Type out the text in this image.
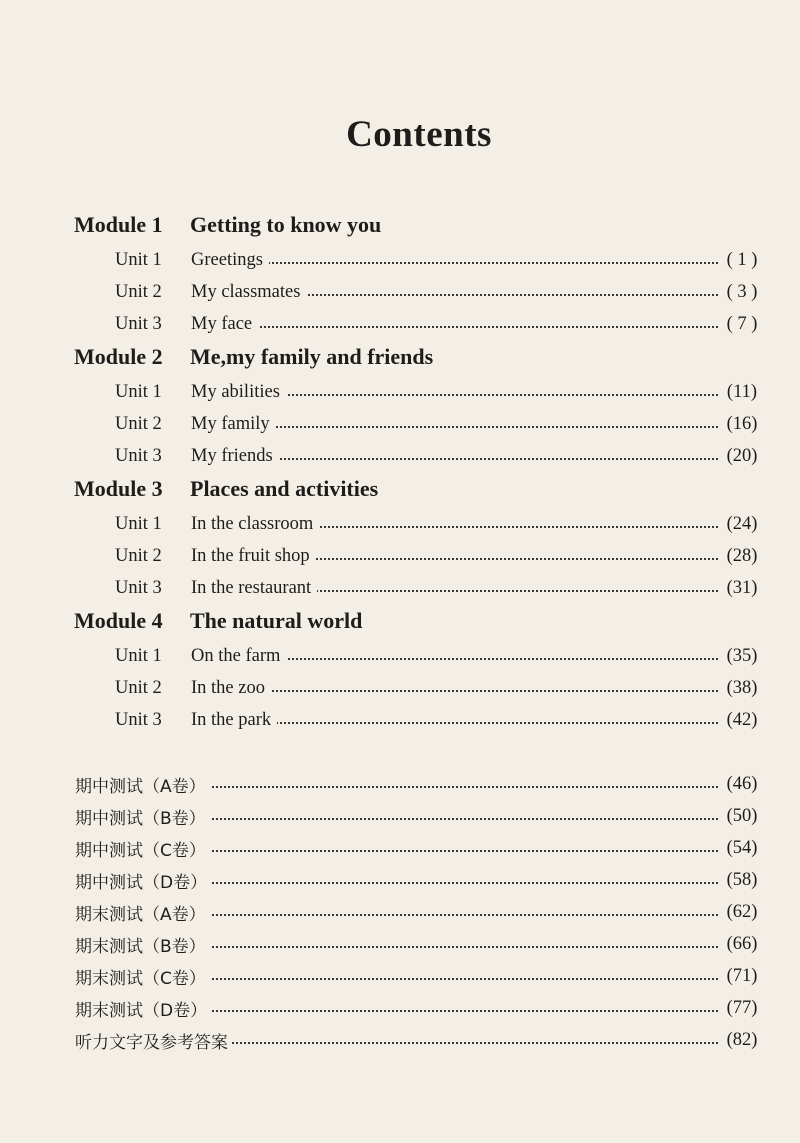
Contents
Module 1 Getting to know you
Unit 1 Greetings	( 1 )
Unit 2 My classmates	( 3 )
Unit 3 My face	( 7 )
Module 2 Me,my family and friends
Unit 1 My abilities	(11)
Unit 2 My family	(16)
Unit 3 My friends	(20)
Module 3 Places and activities
Unit 1 In the classroom	(24)
Unit 2 In the fruit shop	(28)
Unit 3 In the restaurant	(31)
Module 4 The natural world
Unit 1 On the farm	(35)
Unit 2 In the zoo	(38)
Unit 3 In the park	(42)
期中测试（A卷）	(46)
期中测试（B卷）	(50)
期中测试（C卷）	(54)
期中测试（D卷）	(58)
期末测试（A卷）	(62)
期末测试（B卷）	(66)
期末测试（C卷）	(71)
期末测试（D卷）	(77)
听力文字及参考答案	(82)
